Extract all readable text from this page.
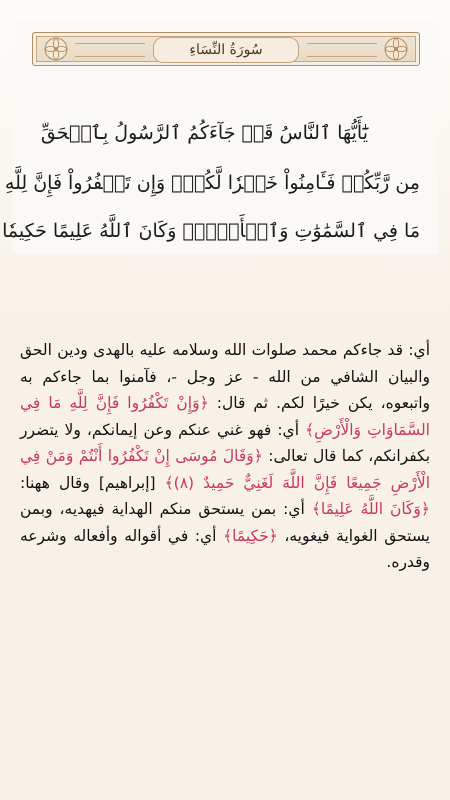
سُورَةُ النِّسَاءِ
يَٰٓأَيُّهَا ٱلنَّاسُ قَدۡ جَآءَكُمُ ٱلرَّسُولُ بِٱلۡحَقِّ
مِن رَّبِّكُمۡ فَـَٔامِنُواْ خَيۡرٗا لَّكُمۡۚ وَإِن تَكۡفُرُواْ فَإِنَّ لِلَّهِ
مَا فِي ٱلسَّمَٰوَٰتِ وَٱلۡأَرۡضِۚ وَكَانَ ٱللَّهُ عَلِيمًا حَكِيمٗا
أي: قد جاءكم محمد صلوات الله وسلامه عليه بالهدى ودين الحق والبيان الشافي من الله - عز وجل -، فآمنوا بما جاءكم به واتبعوه، يكن خيرًا لكم. ثم قال: ﴿وَإِنْ تَكْفُرُوا فَإِنَّ لِلَّهِ مَا فِي السَّمَاوَاتِ وَالْأَرْضِ﴾ أي: فهو غني عنكم وعن إيمانكم، ولا يتضرر بكفرانكم، كما قال تعالى: ﴿وَقَالَ مُوسَى إِنْ تَكْفُرُوا أَنْتُمْ وَمَنْ فِي الْأَرْضِ جَمِيعًا فَإِنَّ اللَّهَ لَغَنِيٌّ حَمِيدٌ (٨)﴾ [إبراهيم] وقال ههنا: ﴿وَكَانَ اللَّهُ عَلِيمًا﴾ أي: بمن يستحق منكم الهداية فيهديه، وبمن يستحق الغواية فيغويه، ﴿حَكِيمًا﴾ أي: في أقواله وأفعاله وشرعه وقدره.
